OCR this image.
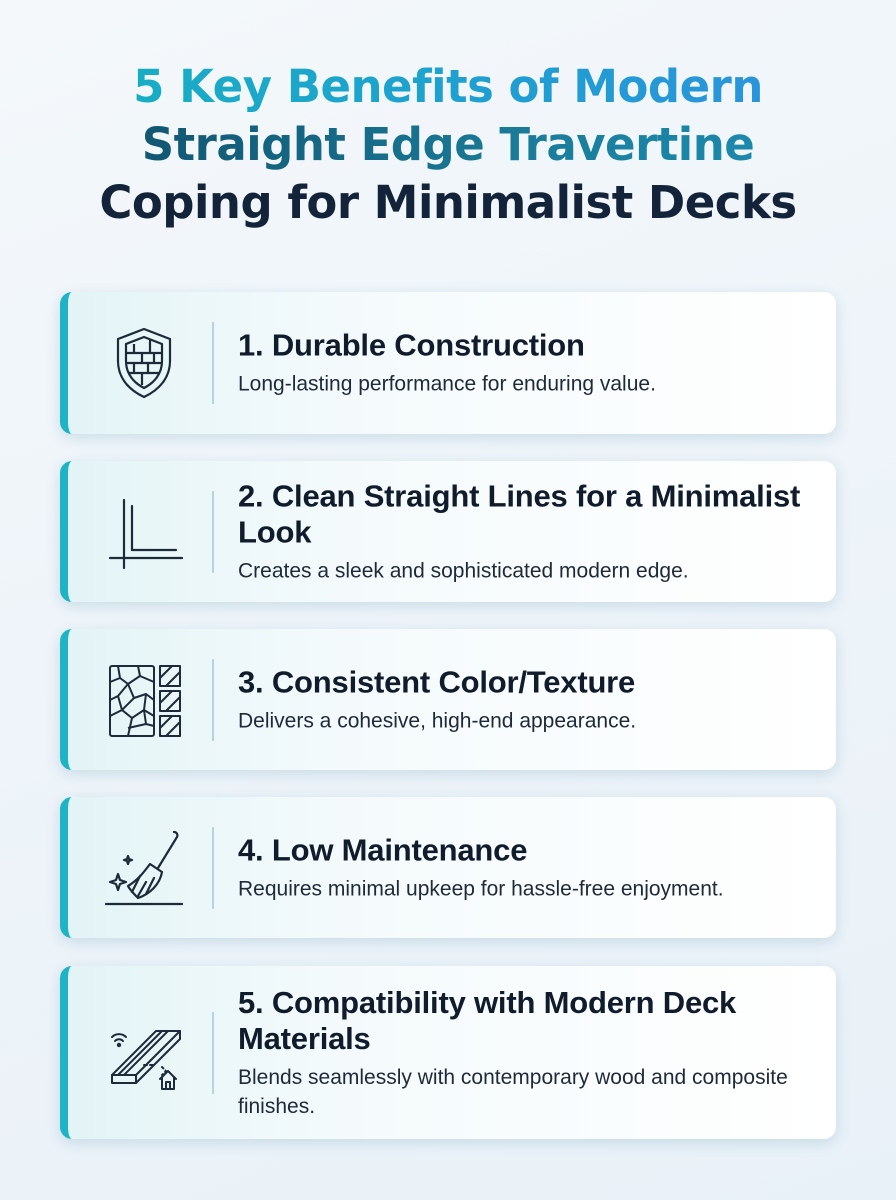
5 Key Benefits of Modern
Straight Edge Travertine
Coping for Minimalist Decks
1. Durable Construction

Long-lasting performance for enduring value.

2. Clean Straight Lines for a Minimalist Look

Creates a sleek and sophisticated modern edge.

3. Consistent Color/Texture

Delivers a cohesive, high-end appearance.

4. Low Maintenance

Requires minimal upkeep for hassle-free enjoyment.

5. Compatibility with Modern Deck Materials

Blends seamlessly with contemporary wood and composite finishes.
